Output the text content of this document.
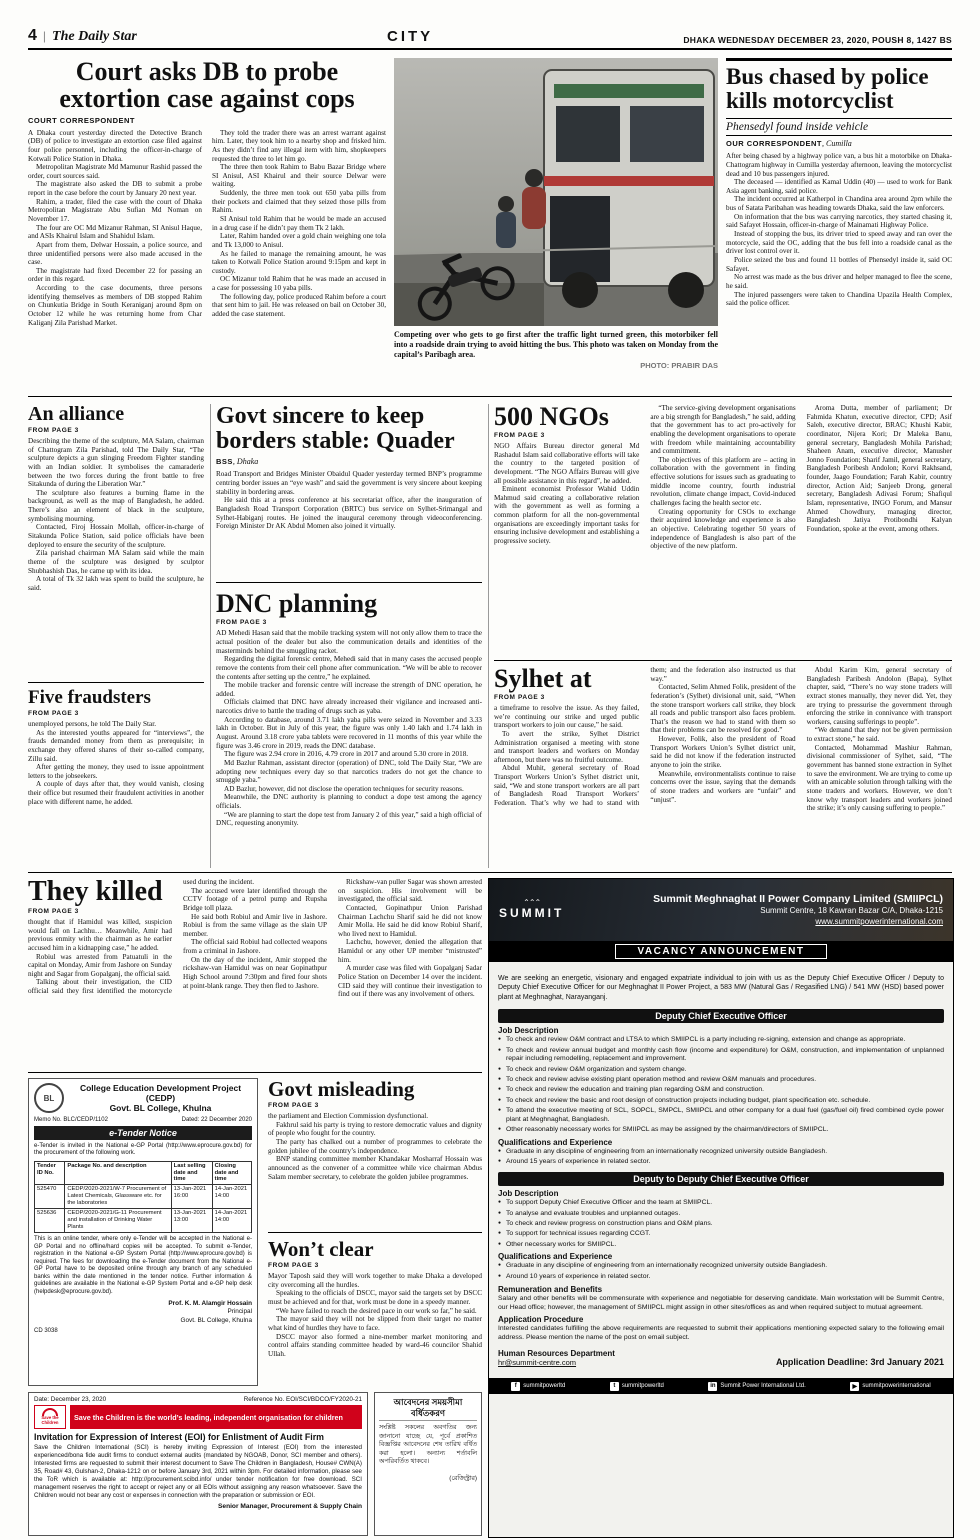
4 | The Daily Star	CITY	DHAKA WEDNESDAY DECEMBER 23, 2020, POUSH 8, 1427 BS
Court asks DB to probe extortion case against cops
COURT CORRESPONDENT

A Dhaka court yesterday directed the Detective Branch (DB) of police to investigate an extortion case filed against four police personnel, including the officer-in-charge of Kotwali Police Station in Dhaka.

Metropolitan Magistrate Md Mamunur Rashid passed the order, court sources said.

The magistrate also asked the DB to submit a probe report in the case before the court by January 20 next year.

Rahim, a trader, filed the case with the court of Dhaka Metropolitan Magistrate Abu Sufian Md Noman on November 17.

The four are OC Md Mizanur Rahman, SI Anisul Haque, and ASIs Khairul Islam and Shahidul Islam.

Apart from them, Delwar Hossain, a police source, and three unidentified persons were also made accused in the case.

The magistrate had fixed December 22 for passing an order in this regard.

According to the case documents, three persons identifying themselves as members of DB stopped Rahim on Chunkutia Bridge in South Keraniganj around 8pm on October 12 while he was returning home from Char Kaliganj Zila Parishad Market.

They told the trader there was an arrest warrant against him. Later, they took him to a nearby shop and frisked him. As they didn’t find any illegal item with him, shopkeepers requested the three to let him go.

The three then took Rahim to Babu Bazar Bridge where SI Anisul, ASI Khairul and their source Delwar were waiting.

Suddenly, the three men took out 650 yaba pills from their pockets and claimed that they seized those pills from Rahim.

SI Anisul told Rahim that he would be made an accused in a drug case if he didn’t pay them Tk 2 lakh.

Later, Rahim handed over a gold chain weighing one tola and Tk 13,000 to Anisul.

As he failed to manage the remaining amount, he was taken to Kotwali Police Station around 9:15pm and kept in custody.

OC Mizanur told Rahim that he was made an accused in a case for possessing 10 yaba pills.

The following day, police produced Rahim before a court that sent him to jail. He was released on bail on October 30, added the case statement.

Competing over who gets to go first after the traffic light turned green, this motorbiker fell into a roadside drain trying to avoid hitting the bus. This photo was taken on Monday from the capital’s Paribagh area.
PHOTO: PRABIR DAS
Bus chased by police kills motorcyclist
Phensedyl found inside vehicle
OUR CORRESPONDENT, Cumilla

After being chased by a highway police van, a bus hit a motorbike on Dhaka-Chattogram highway in Cumilla yesterday afternoon, leaving the motorcyclist dead and 10 bus passengers injured.

The deceased — identified as Kamal Uddin (40) — used to work for Bank Asia agent banking, said police.

The incident occurred at Katherpol in Chandina area around 2pm while the bus of Satata Paribahan was heading towards Dhaka, said the law enforcers.

On information that the bus was carrying narcotics, they started chasing it, said Safayet Hossain, officer-in-charge of Mainamati Highway Police.

Instead of stopping the bus, its driver tried to speed away and ran over the motorcycle, said the OC, adding that the bus fell into a roadside canal as the driver lost control over it.

Police seized the bus and found 11 bottles of Phensedyl inside it, said OC Safayet.

No arrest was made as the bus driver and helper managed to flee the scene, he said.

The injured passengers were taken to Chandina Upazila Health Complex, said the police officer.

An alliance
FROM PAGE 3

Describing the theme of the sculpture, MA Salam, chairman of Chattogram Zila Parishad, told The Daily Star, “The sculpture depicts a gun slinging Freedom Fighter standing with an Indian soldier. It symbolises the camaraderie between the two forces during the front battle to free Sitakunda of during the Liberation War.”

The sculpture also features a burning flame in the background, as well as the map of Bangladesh, he added. There’s also an element of black in the sculpture, symbolising mourning.

Contacted, Firoj Hossain Mollah, officer-in-charge of Sitakunda Police Station, said police officials have been deployed to ensure the security of the sculpture.

Zila parishad chairman MA Salam said while the main theme of the sculpture was designed by sculptor Shubhashish Das, he came up with its idea.

A total of Tk 32 lakh was spent to build the sculpture, he said.

Five fraudsters
FROM PAGE 3

unemployed persons, he told The Daily Star.

As the interested youths appeared for “interviews”, the frauds demanded money from them as prerequisite; in exchange they offered shares of their so-called company, Zillu said.

After getting the money, they used to issue appointment letters to the jobseekers.

A couple of days after that, they would vanish, closing their office but resumed their fraudulent activities in another place with different name, he added.

Govt sincere to keep borders stable: Quader
BSS, Dhaka

Road Transport and Bridges Minister Obaidul Quader yesterday termed BNP’s programme centring border issues an “eye wash” and said the government is very sincere about keeping stability in bordering areas.

He said this at a press conference at his secretariat office, after the inauguration of Bangladesh Road Transport Corporation (BRTC) bus service on Sylhet-Srimangal and Sylhet-Habiganj routes. He joined the inaugural ceremony through videoconferencing. Foreign Minister Dr AK Abdul Momen also joined it virtually.

DNC planning
FROM PAGE 3

AD Mehedi Hasan said that the mobile tracking system will not only allow them to trace the actual position of the dealer but also the communication details and identities of the masterminds behind the smuggling racket.

Regarding the digital forensic centre, Mehedi said that in many cases the accused people remove the contents from their cell phone after communication. “We will be able to recover the contents after setting up the centre,” he explained.

The mobile tracker and forensic centre will increase the strength of DNC operation, he added.

Officials claimed that DNC have already increased their vigilance and increased anti-narcotics drive to battle the trading of drugs such as yaba.

According to database, around 3.71 lakh yaba pills were seized in November and 3.33 lakh in October. But in July of this year, the figure was only 1.40 lakh and 1.74 lakh in August. Around 3.18 crore yaba tablets were recovered in 11 months of this year while the figure was 3.46 crore in 2019, reads the DNC database.

The figure was 2.94 crore in 2016, 4.79 crore in 2017 and around 5.30 crore in 2018.

Md Bazlur Rahman, assistant director (operation) of DNC, told The Daily Star, “We are adopting new techniques every day so that narcotics traders do not get the chance to smuggle yaba.”

AD Bazlur, however, did not disclose the operation techniques for security reasons.

Meanwhile, the DNC authority is planning to conduct a dope test among the agency officials.

“We are planning to start the dope test from January 2 of this year,” said a high official of DNC, requesting anonymity.

500 NGOs
FROM PAGE 3

NGO Affairs Bureau director general Md Rashadul Islam said collaborative efforts will take the country to the targeted position of development. “The NGO Affairs Bureau will give all possible assistance in this regard”, he added.

Eminent economist Professor Wahid Uddin Mahmud said creating a collaborative relation with the government as well as forming a common platform for all the non-governmental organisations are exceedingly important tasks for ensuring inclusive development and establishing a progressive society.

“The service-giving development organisations are a big strength for Bangladesh,” he said, adding that the government has to act pro-actively for enabling the development organisations to operate with freedom while maintaining accountability and commitment.

The objectives of this platform are – acting in collaboration with the government in finding effective solutions for issues such as graduating to middle income country, fourth industrial revolution, climate change impact, Covid-induced challenges facing the health sector etc.

Creating opportunity for CSOs to exchange their acquired knowledge and experience is also an objective. Celebrating together 50 years of independence of Bangladesh is also part of the objective of the new platform.

Aroma Dutta, member of parliament; Dr Fahmida Khatun, executive director, CPD; Asif Saleh, executive director, BRAC; Khushi Kabir, coordinator, Nijera Kori; Dr Maleka Banu, general secretary, Bangladesh Mohila Parishad; Shaheen Anam, executive director, Manusher Jonno Foundation; Sharif Jamil, general secretary, Bangladesh Poribesh Andolon; Korvi Rakhsand, founder, Jaago Foundation; Farah Kabir, country director, Action Aid; Sanjeeb Drong, general secretary, Bangladesh Adivasi Forum; Shafiqul Islam, representative, INGO Forum, and Mansur Ahmed Chowdhury, managing director, Bangladesh Jatiya Protibondhi Kalyan Foundation, spoke at the event, among others.

Sylhet at
FROM PAGE 3

a timeframe to resolve the issue. As they failed, we’re continuing our strike and urged public transport workers to join our cause,” he said.

To avert the strike, Sylhet District Administration organised a meeting with stone and transport leaders and workers on Monday afternoon, but there was no fruitful outcome.

Abdul Muhit, general secretary of Road Transport Workers Union’s Sylhet district unit, said, “We and stone transport workers are all part of Bangladesh Road Transport Workers’ Federation. That’s why we had to stand with them; and the federation also instructed us that way.”

Contacted, Selim Ahmed Folik, president of the federation’s (Sylhet) divisional unit, said, “When the stone transport workers call strike, they block all roads and public transport also faces problem. That’s the reason we had to stand with them so that their problems can be resolved for good.”

However, Folik, also the president of Road Transport Workers Union’s Sylhet district unit, said he did not know if the federation instructed anyone to join the strike.

Meanwhile, environmentalists continue to raise concerns over the issue, saying that the demands of stone traders and workers are “unfair” and “unjust”.

Abdul Karim Kim, general secretary of Bangladesh Paribesh Andolon (Bapa), Sylhet chapter, said, “There’s no way stone traders will extract stones manually, they never did. Yet, they are trying to pressurise the government through enforcing the strike in connivance with transport workers, causing sufferings to people”.

“We demand that they not be given permission to extract stone,” he said.

Contacted, Mohammad Mashiur Rahman, divisional commissioner of Sylhet, said, “The government has banned stone extraction in Sylhet to save the environment. We are trying to come up with an amicable solution through talking with the stone traders and workers. However, we don’t know why transport leaders and workers joined the strike; it’s only causing suffering to people.”

They killed
FROM PAGE 3

thought that if Hamidul was killed, suspicion would fall on Lachhu… Meanwhile, Amir had previous enmity with the chairman as he earlier accused him in a kidnapping case,” he added.

Robiul was arrested from Patuatuli in the capital on Monday, Amir from Jashore on Sunday night and Sagar from Gopalganj, the official said.

Talking about their investigation, the CID official said they first identified the motorcycle used during the incident.

The accused were later identified through the CCTV footage of a petrol pump and Rupsha Bridge toll plaza.

He said both Robiul and Amir live in Jashore. Robiul is from the same village as the slain UP member.

The official said Robiul had collected weapons from a criminal in Jashore.

On the day of the incident, Amir stopped the rickshaw-van Hamidul was on near Gopinathpur High School around 7:30pm and fired four shots at point-blank range. They then fled to Jashore.

Rickshaw-van puller Sagar was shown arrested on suspicion. His involvement will be investigated, the official said.

Contacted, Gopinathpur Union Parishad Chairman Lachchu Sharif said he did not know Amir Molla. He said he did know Robiul Sharif, who lived next to Hamidul.

Lachchu, however, denied the allegation that Hamidul or any other UP member “mistrusted” him.

A murder case was filed with Gopalganj Sadar Police Station on December 14 over the incident. CID said they will continue their investigation to find out if there was any involvement of others.

BL
College Education Development Project (CEDP)
Govt. BL College, Khulna
Memo No. BLC/CEDP/1102	Dated: 22 December 2020
e-Tender Notice
e-Tender is invited in the National e-GP Portal (http://www.eprocure.gov.bd) for the procurement of the following work.
Tender ID No.	Package No. and description	Last selling date and time	Closing date and time
525470	CEDP/2020-2021/W-7 Procurement of Latest Chemicals, Glassware etc. for the laboratories	13-Jan-2021 16:00	14-Jan-2021 14:00
525636	CEDP/2020-2021/G-11 Procurement and installation of Drinking Water Plants	13-Jan-2021 13:00	14-Jan-2021 14:00
This is an online tender, where only e-Tender will be accepted in the National e-GP Portal and no offline/hard copies will be accepted. To submit e-Tender, registration in the National e-GP System Portal (http://www.eprocure.gov.bd) is required. The fees for downloading the e-Tender document from the National e-GP Portal have to be deposited online through any branch of any scheduled banks within the date mentioned in the tender notice. Further information & guidelines are available in the National e-GP System Portal and e-GP help desk (helpdesk@eprocure.gov.bd).
Prof. K. M. Alamgir Hossain
Principal
Govt. BL College, Khulna
CD 3038
Govt misleading
FROM PAGE 3

the parliament and Election Commission dysfunctional.

Fakhrul said his party is trying to restore democratic values and dignity of people who fought for the country.

The party has chalked out a number of programmes to celebrate the golden jubilee of the country’s independence.

BNP standing committee member Khandakar Mosharraf Hossain was announced as the convener of a committee while vice chairman Abdus Salam member secretary, to celebrate the golden jubilee programmes.

Won’t clear
FROM PAGE 3

Mayor Taposh said they will work together to make Dhaka a developed city overcoming all the hurdles.

Speaking to the officials of DSCC, mayor said the targets set by DSCC must be achieved and for that, work must be done in a speedy manner.

“We have failed to reach the desired pace in our work so far,” he said.

The mayor said they will not be slipped from their target no matter what kind of hurdles they have to face.

DSCC mayor also formed a nine-member market monitoring and control affairs standing committee headed by ward-46 councilor Shahid Ullah.

Date: December 23, 2020	Reference No. EOI/SCI/BDCO/FY2020-21
Save the Children
Save the Children is the world’s leading, independent organisation for children
Invitation for Expression of Interest (EOI) for Enlistment of Audit Firm
Save the Children International (SCI) is hereby inviting Expression of Interest (EOI) from the interested experienced/bona fide audit firms to conduct external audits (mandated by NGOAB, Donor, SCI member and others). Interested firms are requested to submit their interest document to Save The Children in Bangladesh, House# CWN(A) 35, Road# 43, Gulshan-2, Dhaka-1212 on or before January 3rd, 2021 within 3pm. For detailed information, please see the ToR which is available at: http://procurement.scibd.info/ under tender notification for free download. SCI management reserves the right to accept or reject any or all EOIs without assigning any reason whatsoever. Save the Children would not bear any cost or expenses in connection with the preparation or submission or EOI.
Senior Manager, Procurement & Supply Chain
আবেদনের সময়সীমা
বর্ধিতকরণ
সংশ্লিষ্ট সকলের অবগতির জন্য জানানো যাচ্ছে যে, পূর্বে প্রকাশিত বিজ্ঞপ্তির আবেদনের শেষ তারিখ বর্ধিত করা হলো। অন্যান্য শর্তাবলি অপরিবর্তিত থাকবে।
(রেজিস্ট্রার)
⌃⌃⌃
SUMMIT
Summit Meghnaghat II Power Company Limited (SMIIPCL)
Summit Centre, 18 Kawran Bazar C/A, Dhaka-1215
www.summitpowerinternational.com
VACANCY ANNOUNCEMENT

We are seeking an energetic, visionary and engaged expatriate individual to join with us as the Deputy Chief Executive Officer / Deputy to Deputy Chief Executive Officer for our Meghnaghat II Power Project, a 583 MW (Natural Gas / Regasified LNG) / 541 MW (HSD) based power plant at Meghnaghat, Narayanganj.

Deputy Chief Executive Officer
Job Description
● To check and review O&M contract and LTSA to which SMIIPCL is a party including re-signing, extension and change as appropriate.
● To check and review annual budget and monthly cash flow (income and expenditure) for O&M, construction, and implementation of unplanned repair including remodelling, replacement and improvement.
● To check and review O&M organization and system change.
● To check and review advise existing plant operation method and review O&M manuals and procedures.
● To check and review the education and training plan regarding O&M and construction.
● To check and review the basic and root design of construction projects including budget, plant specification etc. schedule.
● To attend the executive meeting of SCL, SOPCL, SMPCL, SMIIPCL and other company for a dual fuel (gas/fuel oil) fired combined cycle power plant at Meghnaghat, Bangladesh.
● Other reasonably necessary works for SMIIPCL as may be assigned by the chairman/directors of SMIIPCL.
Qualifications and Experience
● Graduate in any discipline of engineering from an internationally recognized university outside Bangladesh.
● Around 15 years of experience in related sector.
Deputy to Deputy Chief Executive Officer
Job Description
● To support Deputy Chief Executive Officer and the team at SMIIPCL.
● To analyse and evaluate troubles and unplanned outages.
● To check and review progress on construction plans and O&M plans.
● To support for technical issues regarding CCGT.
● Other necessary works for SMIIPCL.
Qualifications and Experience
● Graduate in any discipline of engineering from an internationally recognized university outside Bangladesh.
● Around 10 years of experience in related sector.
Remuneration and Benefits

Salary and other benefits will be commensurate with experience and negotiable for deserving candidate. Main workstation will be Summit Centre, our Head office; however, the management of SMIIPCL might assign in other sites/offices as and when required subject to mutual agreement.

Application Procedure

Interested candidates fulfilling the above requirements are requested to submit their applications mentioning expected salary to the following email address. Please mention the name of the post on email subject.

Human Resources Department
hr@summit-centre.com	Application Deadline: 3rd January 2021
f	summitpowerltd	t	summitpowerltd	in Summit Power International Ltd.	▶ summitpowerinternational
